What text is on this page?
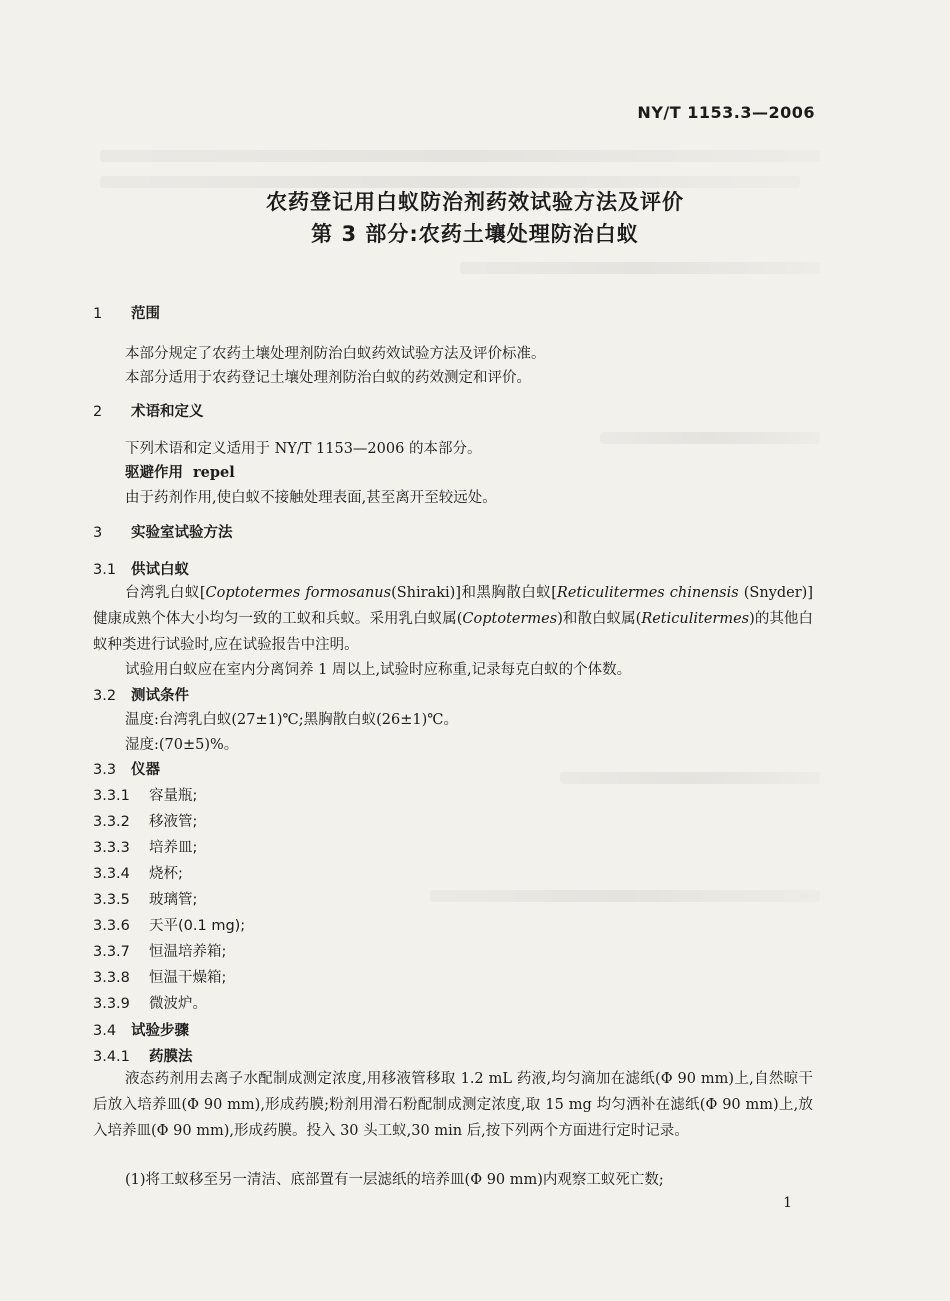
NY/T 1153.3—2006
农药登记用白蚁防治剂药效试验方法及评价
第 3 部分:农药土壤处理防治白蚁
1 范围
本部分规定了农药土壤处理剂防治白蚁药效试验方法及评价标准。
本部分适用于农药登记土壤处理剂防治白蚁的药效测定和评价。
2 术语和定义
下列术语和定义适用于 NY/T 1153—2006 的本部分。
驱避作用 repel
由于药剂作用,使白蚁不接触处理表面,甚至离开至较远处。
3 实验室试验方法
3.1 供试白蚁
台湾乳白蚁[Coptotermes formosanus(Shiraki)]和黑胸散白蚁[Reticulitermes chinensis (Snyder)]健康成熟个体大小均匀一致的工蚁和兵蚁。采用乳白蚁属(Coptotermes)和散白蚁属(Reticulitermes)的其他白蚁种类进行试验时,应在试验报告中注明。
试验用白蚁应在室内分离饲养 1 周以上,试验时应称重,记录每克白蚁的个体数。
3.2 测试条件
温度:台湾乳白蚁(27±1)℃;黑胸散白蚁(26±1)℃。
湿度:(70±5)%。
3.3 仪器
3.3.1 容量瓶;
3.3.2 移液管;
3.3.3 培养皿;
3.3.4 烧杯;
3.3.5 玻璃管;
3.3.6 天平(0.1 mg);
3.3.7 恒温培养箱;
3.3.8 恒温干燥箱;
3.3.9 微波炉。
3.4 试验步骤
3.4.1 药膜法
液态药剂用去离子水配制成测定浓度,用移液管移取 1.2 mL 药液,均匀滴加在滤纸(Φ 90 mm)上,自然晾干后放入培养皿(Φ 90 mm),形成药膜;粉剂用滑石粉配制成测定浓度,取 15 mg 均匀洒补在滤纸(Φ 90 mm)上,放入培养皿(Φ 90 mm),形成药膜。投入 30 头工蚁,30 min 后,按下列两个方面进行定时记录。
(1)将工蚁移至另一清洁、底部置有一层滤纸的培养皿(Φ 90 mm)内观察工蚁死亡数;
1
